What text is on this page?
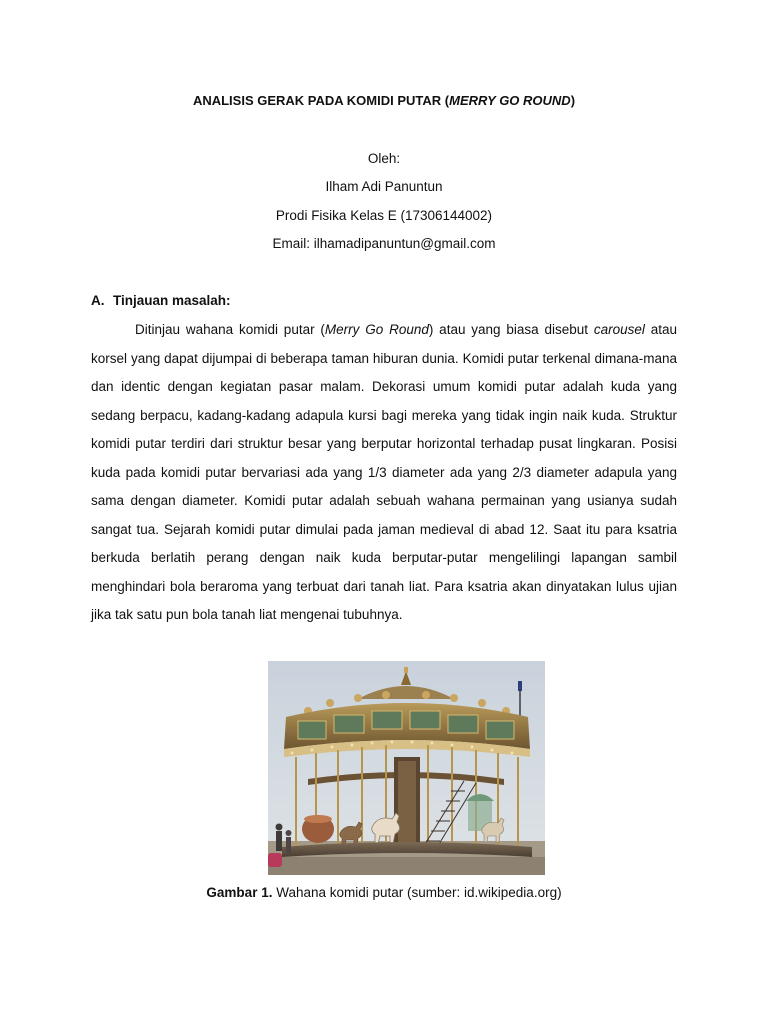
ANALISIS GERAK PADA KOMIDI PUTAR (MERRY GO ROUND)
Oleh:
Ilham Adi Panuntun
Prodi Fisika Kelas E (17306144002)
Email: ilhamadipanuntun@gmail.com
A. Tinjauan masalah:

Ditinjau wahana komidi putar (Merry Go Round) atau yang biasa disebut carousel atau korsel yang dapat dijumpai di beberapa taman hiburan dunia. Komidi putar terkenal dimana-mana dan identic dengan kegiatan pasar malam. Dekorasi umum komidi putar adalah kuda yang sedang berpacu, kadang-kadang adapula kursi bagi mereka yang tidak ingin naik kuda. Struktur komidi putar terdiri dari struktur besar yang berputar horizontal terhadap pusat lingkaran. Posisi kuda pada komidi putar bervariasi ada yang 1/3 diameter ada yang 2/3 diameter adapula yang sama dengan diameter. Komidi putar adalah sebuah wahana permainan yang usianya sudah sangat tua. Sejarah komidi putar dimulai pada jaman medieval di abad 12. Saat itu para ksatria berkuda berlatih perang dengan naik kuda berputar-putar mengelilingi lapangan sambil menghindari bola beraroma yang terbuat dari tanah liat. Para ksatria akan dinyatakan lulus ujian jika tak satu pun bola tanah liat mengenai tubuhnya.

Gambar 1. Wahana komidi putar (sumber: id.wikipedia.org)
